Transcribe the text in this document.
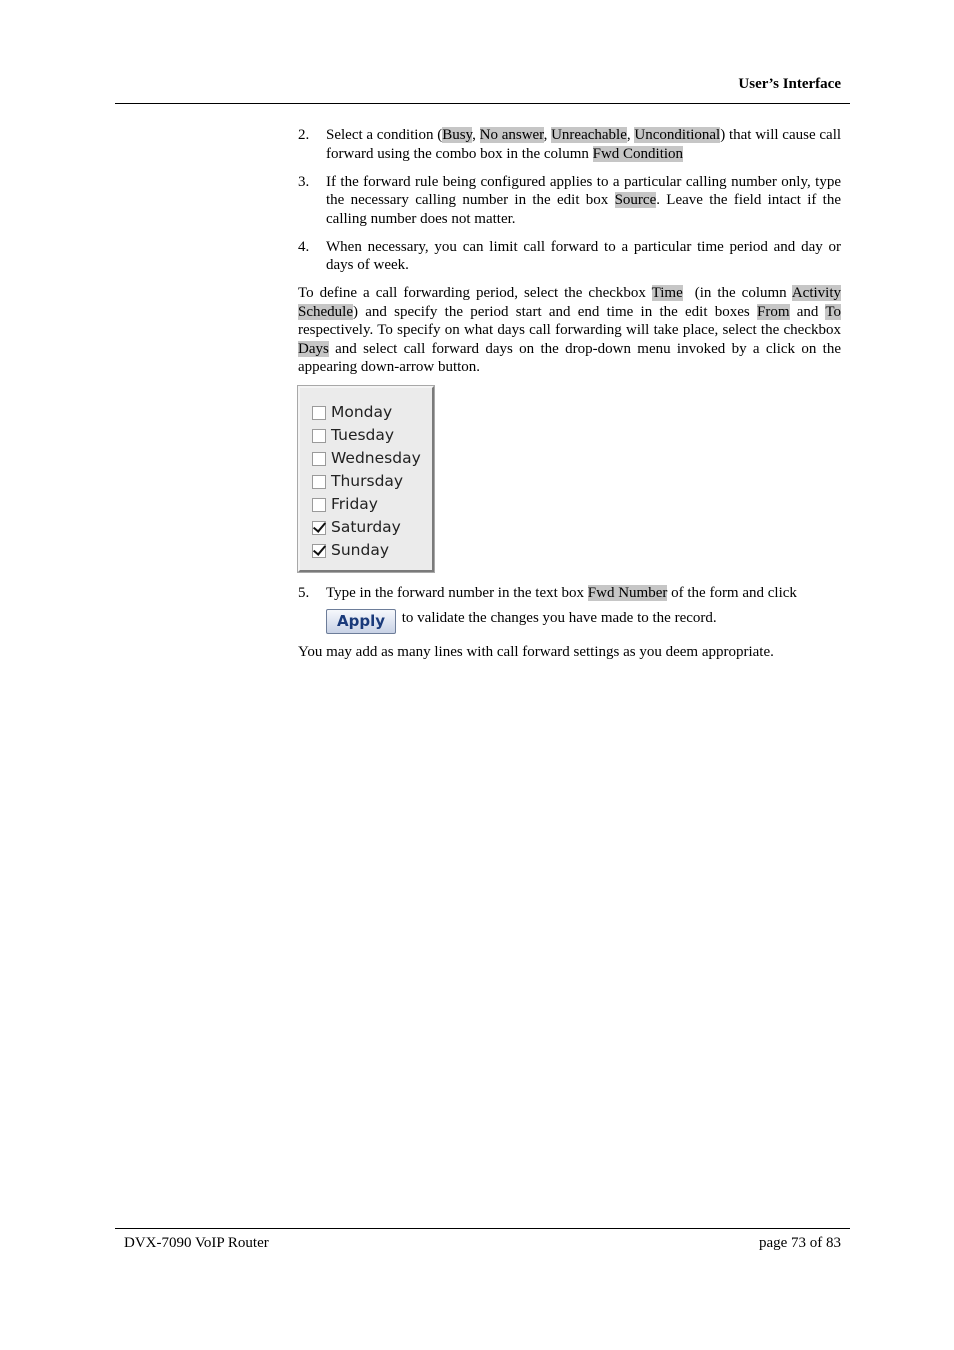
User’s Interface
2. Select a condition (Busy, No answer, Unreachable, Unconditional) that will cause call forward using the combo box in the column Fwd Condition
3. If the forward rule being configured applies to a particular calling number only, type the necessary calling number in the edit box Source. Leave the field intact if the calling number does not matter.
4. When necessary, you can limit call forward to a particular time period and day or days of week.

To define a call forwarding period, select the checkbox Time  (in the column Activity Schedule) and specify the period start and end time in the edit boxes From and To respectively. To specify on what days call forwarding will take place, select the checkbox Days and select call forward days on the drop-down menu invoked by a click on the appearing down-arrow button.

Monday
Tuesday
Wednesday
Thursday
Friday
Saturday
Sunday
5. Type in the forward number in the text box Fwd Number of the form and click
Apply to validate the changes you have made to the record.

You may add as many lines with call forward settings as you deem appropriate.

DVX-7090 VoIP Router	page 73 of 83
